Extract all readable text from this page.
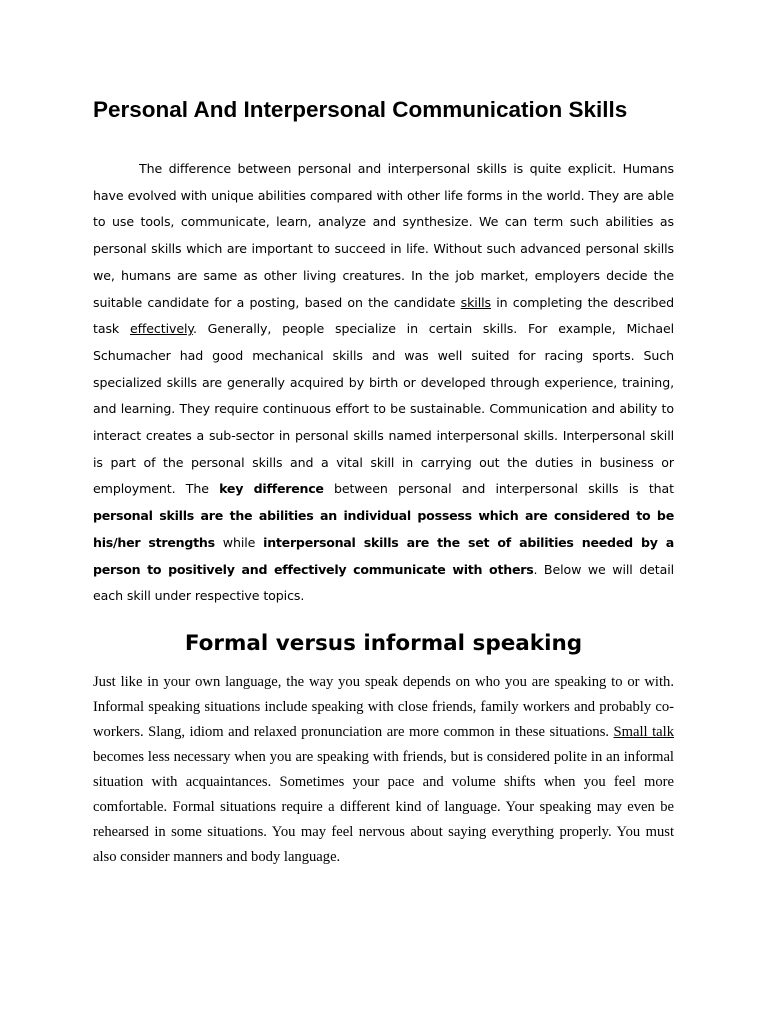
Personal And Interpersonal Communication Skills

The difference between personal and interpersonal skills is quite explicit. Humans have evolved with unique abilities compared with other life forms in the world. They are able to use tools, communicate, learn, analyze and synthesize. We can term such abilities as personal skills which are important to succeed in life. Without such advanced personal skills we, humans are same as other living creatures. In the job market, employers decide the suitable candidate for a posting, based on the candidate skills in completing the described task effectively. Generally, people specialize in certain skills. For example, Michael Schumacher had good mechanical skills and was well suited for racing sports. Such specialized skills are generally acquired by birth or developed through experience, training, and learning. They require continuous effort to be sustainable. Communication and ability to interact creates a sub-sector in personal skills named interpersonal skills. Interpersonal skill is part of the personal skills and a vital skill in carrying out the duties in business or employment. The key difference between personal and interpersonal skills is that personal skills are the abilities an individual possess which are considered to be his/her strengths while interpersonal skills are the set of abilities needed by a person to positively and effectively communicate with others. Below we will detail each skill under respective topics.

Formal versus informal speaking

Just like in your own language, the way you speak depends on who you are speaking to or with. Informal speaking situations include speaking with close friends, family workers and probably co-workers. Slang, idiom and relaxed pronunciation are more common in these situations. Small talk becomes less necessary when you are speaking with friends, but is considered polite in an informal situation with acquaintances. Sometimes your pace and volume shifts when you feel more comfortable. Formal situations require a different kind of language. Your speaking may even be rehearsed in some situations. You may feel nervous about saying everything properly. You must also consider manners and body language.
